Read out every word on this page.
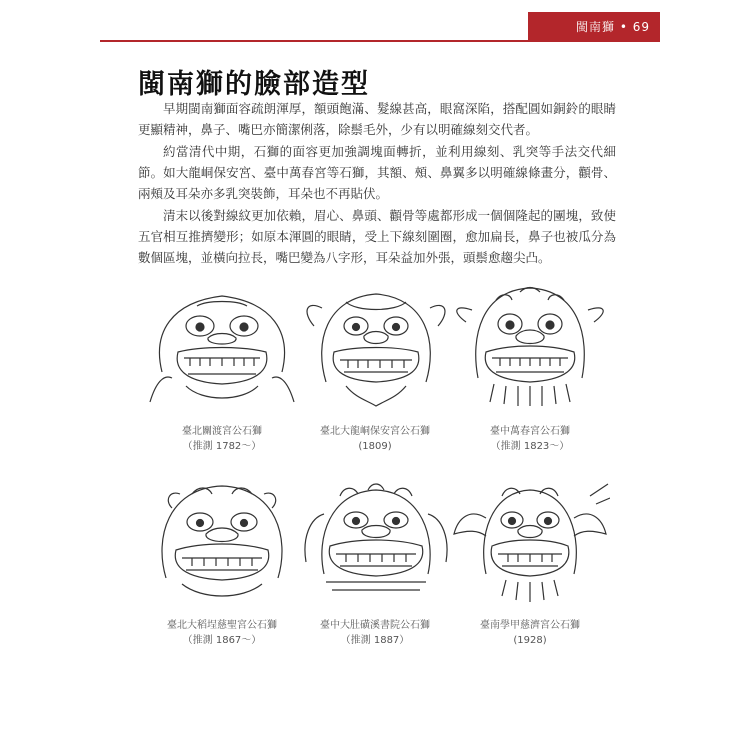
閩南獅 • 69
閩南獅的臉部造型

早期閩南獅面容疏朗渾厚，額頭飽滿、髮線甚高，眼窩深陷，搭配圓如銅鈴的眼睛更顯精神，鼻子、嘴巴亦簡潔俐落，除鬃毛外，少有以明確線刻交代者。

約當清代中期，石獅的面容更加強調塊面轉折，並利用線刻、乳突等手法交代細節。如大龍峒保安宮、臺中萬春宮等石獅，其額、頰、鼻翼多以明確線條畫分，顴骨、兩頰及耳朵亦多乳突裝飾，耳朵也不再貼伏。

清末以後對線紋更加依賴，眉心、鼻頭、顴骨等處都形成一個個隆起的團塊，致使五官相互推擠變形；如原本渾圓的眼睛，受上下線刻圍圈，愈加扁長，鼻子也被瓜分為數個區塊，並橫向拉長，嘴巴變為八字形，耳朵益加外張，頭鬃愈趨尖凸。

臺北關渡宮公石獅
（推測 1782～）
臺北大龍峒保安宮公石獅
(1809)
臺中萬春宮公石獅
（推測 1823～）
臺北大稻埕慈聖宮公石獅
（推測 1867～）
臺中大肚磺溪書院公石獅
（推測 1887）
臺南學甲慈濟宮公石獅
(1928)
